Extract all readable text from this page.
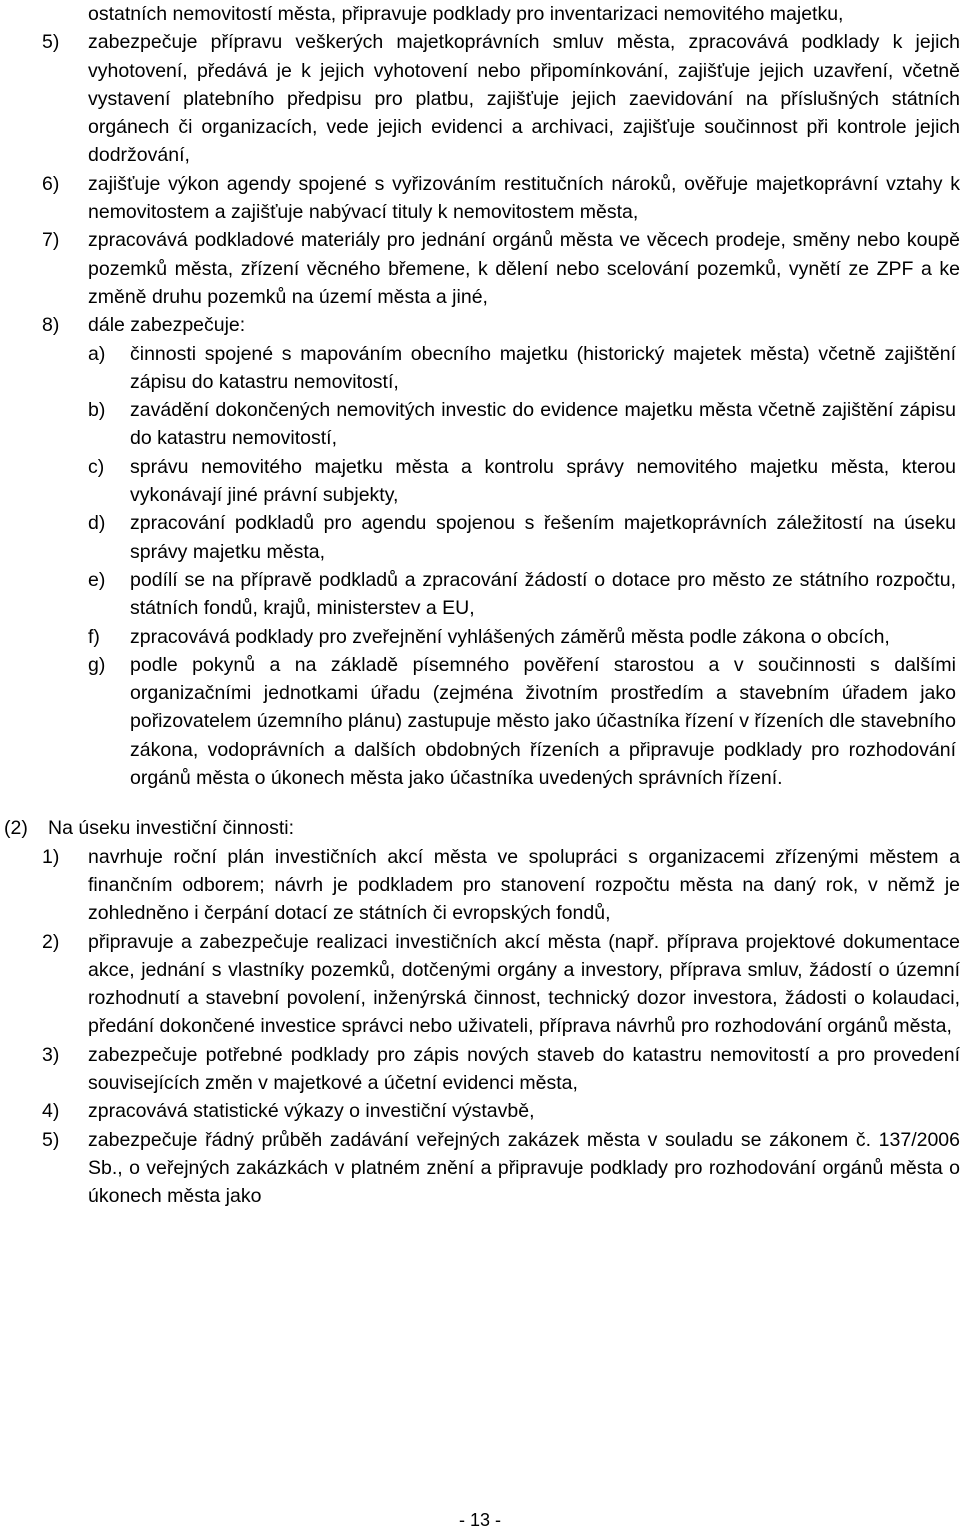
ostatních nemovitostí města, připravuje podklady pro inventarizaci nemovitého majetku,
5) zabezpečuje přípravu veškerých majetkoprávních smluv města, zpracovává podklady k jejich vyhotovení, předává je k jejich vyhotovení nebo připomínkování, zajišťuje jejich uzavření, včetně vystavení platebního předpisu pro platbu, zajišťuje jejich zaevidování na příslušných státních orgánech či organizacích, vede jejich evidenci a archivaci, zajišťuje součinnost při kontrole jejich dodržování,
6) zajišťuje výkon agendy spojené s vyřizováním restitučních nároků, ověřuje majetkoprávní vztahy k nemovitostem a zajišťuje nabývací tituly k nemovitostem města,
7) zpracovává podkladové materiály pro jednání orgánů města ve věcech prodeje, směny nebo koupě pozemků města, zřízení věcného břemene, k dělení nebo scelování pozemků, vynětí ze ZPF a ke změně druhu pozemků na území města a jiné,
8) dále zabezpečuje:
a) činnosti spojené s mapováním obecního majetku (historický majetek města) včetně zajištění zápisu do katastru nemovitostí,
b) zavádění dokončených nemovitých investic do evidence majetku města včetně zajištění zápisu do katastru nemovitostí,
c) správu nemovitého majetku města a kontrolu správy nemovitého majetku města, kterou vykonávají jiné právní subjekty,
d) zpracování podkladů pro agendu spojenou s řešením majetkoprávních záležitostí na úseku správy majetku města,
e) podílí se na přípravě podkladů a zpracování žádostí o dotace pro město ze státního rozpočtu, státních fondů, krajů, ministerstev a EU,
f) zpracovává podklady pro zveřejnění vyhlášených záměrů města podle zákona o obcích,
g) podle pokynů a na základě písemného pověření starostou a v součinnosti s dalšími organizačními jednotkami úřadu (zejména životním prostředím a stavebním úřadem jako pořizovatelem územního plánu) zastupuje město jako účastníka řízení v řízeních dle stavebního zákona, vodoprávních a dalších obdobných řízeních a připravuje podklady pro rozhodování orgánů města o úkonech města jako účastníka uvedených správních řízení.
(2) Na úseku investiční činnosti:
1) navrhuje roční plán investičních akcí města ve spolupráci s organizacemi zřízenými městem a finančním odborem; návrh je podkladem pro stanovení rozpočtu města na daný rok, v němž je zohledněno i čerpání dotací ze státních či evropských fondů,
2) připravuje a zabezpečuje realizaci investičních akcí města (např. příprava projektové dokumentace akce, jednání s vlastníky pozemků, dotčenými orgány a investory, příprava smluv, žádostí o územní rozhodnutí a stavební povolení, inženýrská činnost, technický dozor investora, žádosti o kolaudaci, předání dokončené investice správci nebo uživateli, příprava návrhů pro rozhodování orgánů města,
3) zabezpečuje potřebné podklady pro zápis nových staveb do katastru nemovitostí a pro provedení souvisejících změn v majetkové a účetní evidenci města,
4) zpracovává statistické výkazy o investiční výstavbě,
5) zabezpečuje řádný průběh zadávání veřejných zakázek města v souladu se zákonem č. 137/2006 Sb., o veřejných zakázkách v platném znění a připravuje podklady pro rozhodování orgánů města o úkonech města jako
- 13 -
